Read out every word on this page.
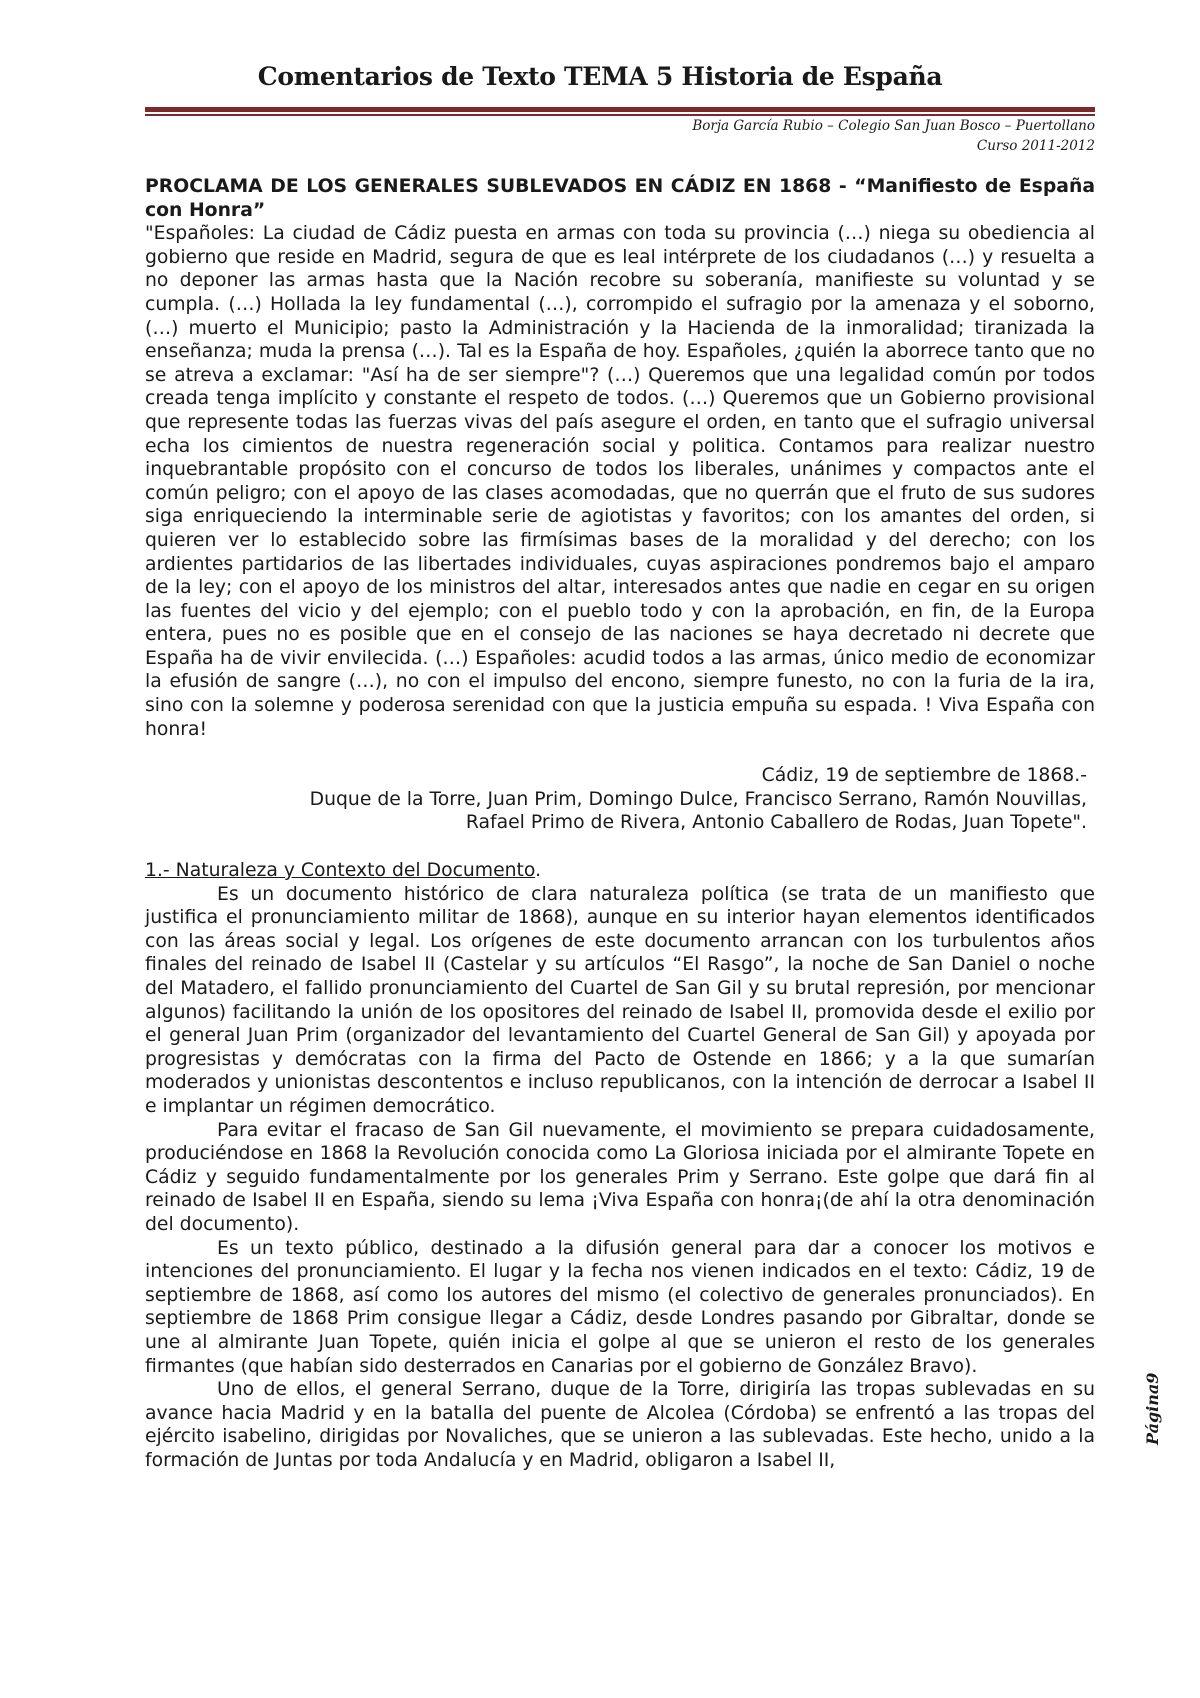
Comentarios de Texto TEMA 5 Historia de España
Borja García Rubio – Colegio San Juan Bosco – Puertollano
Curso 2011-2012

PROCLAMA DE LOS GENERALES SUBLEVADOS EN CÁDIZ EN 1868 - “Manifiesto de España con Honra”

"Españoles: La ciudad de Cádiz puesta en armas con toda su provincia (…) niega su obediencia al gobierno que reside en Madrid, segura de que es leal intérprete de los ciudadanos (…) y resuelta a no deponer las armas hasta que la Nación recobre su soberanía, manifieste su voluntad y se cumpla. (…) Hollada la ley fundamental (…), corrompido el sufragio por la amenaza y el soborno, (…) muerto el Municipio; pasto la Administración y la Hacienda de la inmoralidad; tiranizada la enseñanza; muda la prensa (…). Tal es la España de hoy. Españoles, ¿quién la aborrece tanto que no se atreva a exclamar: "Así ha de ser siempre"? (…) Queremos que una legalidad común por todos creada tenga implícito y constante el respeto de todos. (…) Queremos que un Gobierno provisional que represente todas las fuerzas vivas del país asegure el orden, en tanto que el sufragio universal echa los cimientos de nuestra regeneración social y politica. Contamos para realizar nuestro inquebrantable propósito con el concurso de todos los liberales, unánimes y compactos ante el común peligro; con el apoyo de las clases acomodadas, que no querrán que el fruto de sus sudores siga enriqueciendo la interminable serie de agiotistas y favoritos; con los amantes del orden, si quieren ver lo establecido sobre las firmísimas bases de la moralidad y del derecho; con los ardientes partidarios de las libertades individuales, cuyas aspiraciones pondremos bajo el amparo de la ley; con el apoyo de los ministros del altar, interesados antes que nadie en cegar en su origen las fuentes del vicio y del ejemplo; con el pueblo todo y con la aprobación, en fin, de la Europa entera, pues no es posible que en el consejo de las naciones se haya decretado ni decrete que España ha de vivir envilecida. (…) Españoles: acudid todos a las armas, único medio de economizar la efusión de sangre (…), no con el impulso del encono, siempre funesto, no con la furia de la ira, sino con la solemne y poderosa serenidad con que la justicia empuña su espada. ! Viva España con honra!

Cádiz, 19 de septiembre de 1868.-

Duque de la Torre, Juan Prim, Domingo Dulce, Francisco Serrano, Ramón Nouvillas,

Rafael Primo de Rivera, Antonio Caballero de Rodas, Juan Topete".

1.- Naturaleza y Contexto del Documento.

Es un documento histórico de clara naturaleza política (se trata de un manifiesto que justifica el pronunciamiento militar de 1868), aunque en su interior hayan elementos identificados con las áreas social y legal. Los orígenes de este documento arrancan con los turbulentos años finales del reinado de Isabel II (Castelar y su artículos “El Rasgo”, la noche de San Daniel o noche del Matadero, el fallido pronunciamiento del Cuartel de San Gil y su brutal represión, por mencionar algunos) facilitando la unión de los opositores del reinado de Isabel II, promovida desde el exilio por el general Juan Prim (organizador del levantamiento del Cuartel General de San Gil) y apoyada por progresistas y demócratas con la firma del Pacto de Ostende en 1866; y a la que sumarían moderados y unionistas descontentos e incluso republicanos, con la intención de derrocar a Isabel II e implantar un régimen democrático.

Para evitar el fracaso de San Gil nuevamente, el movimiento se prepara cuidadosamente, produciéndose en 1868 la Revolución conocida como La Gloriosa iniciada por el almirante Topete en Cádiz y seguido fundamentalmente por los generales Prim y Serrano. Este golpe que dará fin al reinado de Isabel II en España, siendo su lema ¡Viva España con honra¡(de ahí la otra denominación del documento).

Es un texto público, destinado a la difusión general para dar a conocer los motivos e intenciones del pronunciamiento. El lugar y la fecha nos vienen indicados en el texto: Cádiz, 19 de septiembre de 1868, así como los autores del mismo (el colectivo de generales pronunciados). En septiembre de 1868 Prim consigue llegar a Cádiz, desde Londres pasando por Gibraltar, donde se une al almirante Juan Topete, quién inicia el golpe al que se unieron el resto de los generales firmantes (que habían sido desterrados en Canarias por el gobierno de González Bravo).

Uno de ellos, el general Serrano, duque de la Torre, dirigiría las tropas sublevadas en su avance hacia Madrid y en la batalla del puente de Alcolea (Córdoba) se enfrentó a las tropas del ejército isabelino, dirigidas por Novaliches, que se unieron a las sublevadas. Este hecho, unido a la formación de Juntas por toda Andalucía y en Madrid, obligaron a Isabel II,

Página9
